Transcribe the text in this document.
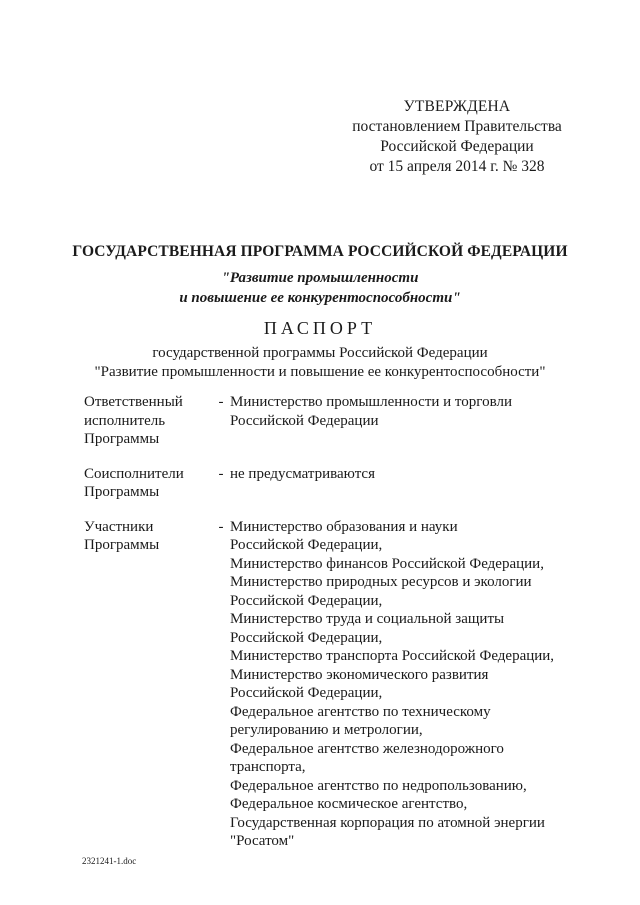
УТВЕРЖДЕНА
постановлением Правительства
Российской Федерации
от 15 апреля 2014 г. № 328
ГОСУДАРСТВЕННАЯ ПРОГРАММА РОССИЙСКОЙ ФЕДЕРАЦИИ
"Развитие промышленности
и повышение ее конкурентоспособности"
ПАСПОРТ
государственной программы Российской Федерации
"Развитие промышленности и повышение ее конкурентоспособности"
Ответственный
исполнитель
Программы
- Министерство промышленности и торговли
Российской Федерации
Соисполнители
Программы
- не предусматриваются
Участники
Программы
- Министерство образования и науки
Российской Федерации,
Министерство финансов Российской Федерации,
Министерство природных ресурсов и экологии
Российской Федерации,
Министерство труда и социальной защиты
Российской Федерации,
Министерство транспорта Российской Федерации,
Министерство экономического развития
Российской Федерации,
Федеральное агентство по техническому
регулированию и метрологии,
Федеральное агентство железнодорожного
транспорта,
Федеральное агентство по недропользованию,
Федеральное космическое агентство,
Государственная корпорация по атомной энергии
"Росатом"
2321241-1.doc
